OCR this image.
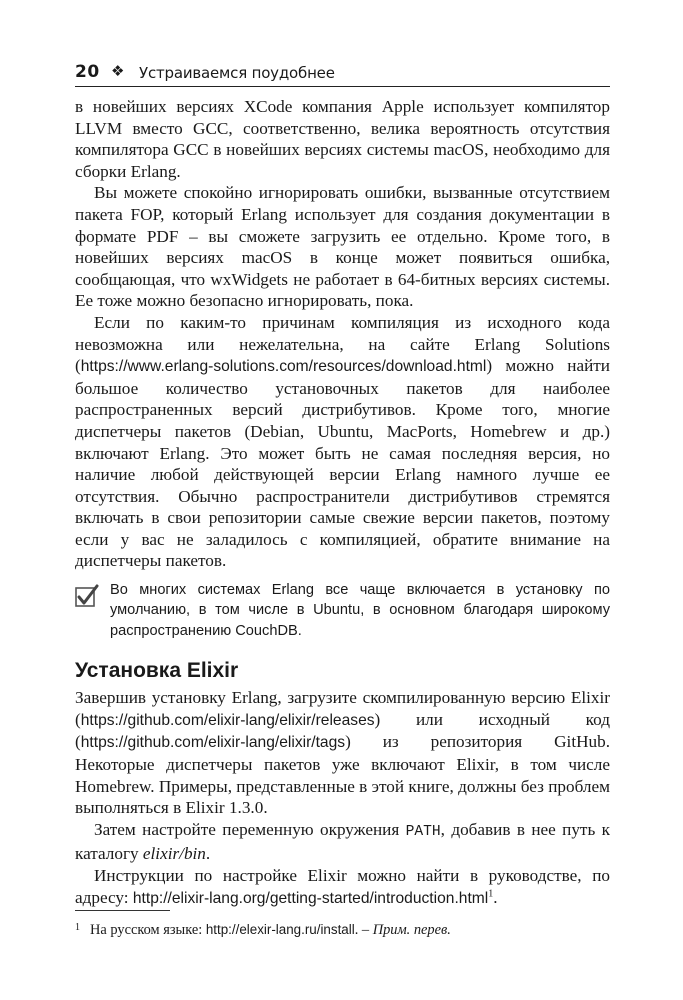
20 ❖ Устраиваемся поудобнее

в новейших версиях XCode компания Apple использует компилятор LLVM вместо GCC, соответственно, велика вероятность отсутствия компилятора GCC в новейших версиях системы macOS, необходимо для сборки Erlang.

Вы можете спокойно игнорировать ошибки, вызванные отсутствием пакета FOP, который Erlang использует для создания документации в формате PDF – вы сможете загрузить ее отдельно. Кроме того, в новейших версиях macOS в конце может появиться ошибка, сообщающая, что wxWidgets не работает в 64-битных версиях системы. Ее тоже можно безопасно игнорировать, пока.

Если по каким-то причинам компиляция из исходного кода невозможна или нежелательна, на сайте Erlang Solutions (https://www.erlang-solutions.com/resources/download.html) можно найти большое количество установочных пакетов для наиболее распространенных версий дистрибутивов. Кроме того, многие диспетчеры пакетов (Debian, Ubuntu, MacPorts, Homebrew и др.) включают Erlang. Это может быть не самая последняя версия, но наличие любой действующей версии Erlang намного лучше ее отсутствия. Обычно распространители дистрибутивов стремятся включать в свои репозитории самые свежие версии пакетов, поэтому если у вас не заладилось с компиляцией, обратите внимание на диспетчеры пакетов.

Во многих системах Erlang все чаще включается в установку по умолчанию, в том числе в Ubuntu, в основном благодаря широкому распространению CouchDB.
Установка Elixir

Завершив установку Erlang, загрузите скомпилированную версию Elixir (https://github.com/elixir-lang/elixir/releases) или исходный код (https://github.com/elixir-lang/elixir/tags) из репозитория GitHub. Некоторые диспетчеры пакетов уже включают Elixir, в том числе Homebrew. Примеры, представленные в этой книге, должны без проблем выполняться в Elixir 1.3.0.

Затем настройте переменную окружения PATH, добавив в нее путь к каталогу elixir/bin.

Инструкции по настройке Elixir можно найти в руководстве, по адресу: http://elixir-lang.org/getting-started/introduction.html$^1$.

$^1$ На русском языке: http://elexir-lang.ru/install. – Прим. перев.
